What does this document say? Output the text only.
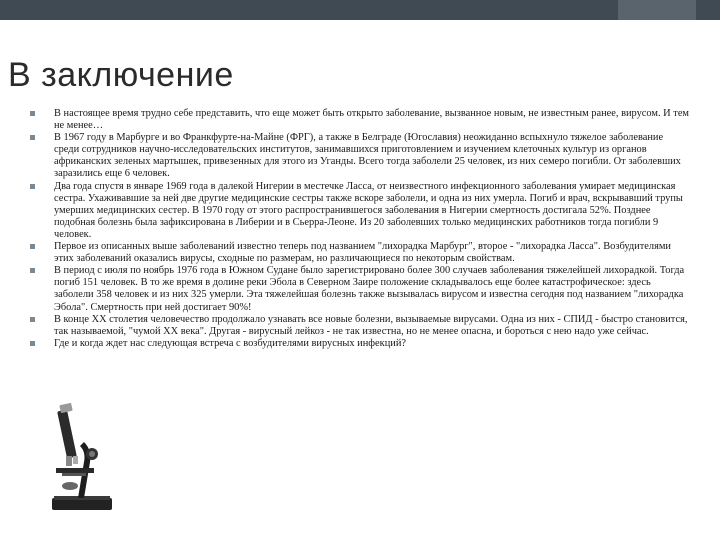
В заключение
В настоящее время трудно себе представить, что еще может быть открыто заболевание, вызванное новым, не известным ранее, вирусом. И тем не менее…
В 1967 году в Марбурге и во Франкфурте-на-Майне (ФРГ), а также в Белграде (Югославия) неожиданно вспыхнуло тяжелое заболевание среди сотрудников научно-исследовательских институтов, занимавшихся приготовлением и изучением клеточных культур из органов африканских зеленых мартышек, привезенных для этого из Уганды. Всего тогда заболели 25 человек, из них семеро погибли. От заболевших заразились еще 6 человек.
Два года спустя в январе 1969 года в далекой Нигерии в местечке Ласса, от неизвестного инфекционного заболевания умирает медицинская сестра. Ухаживавшие за ней две другие медицинские сестры также вскоре заболели, и одна из них умерла. Погиб и врач, вскрывавший трупы умерших медицинских сестер. В 1970 году от этого распространившегося заболевания в Нигерии смертность достигала 52%. Позднее подобная болезнь была зафиксирована в Либерии и в Сьерра-Леоне. Из 20 заболевших только медицинских работников тогда погибли 9 человек.
Первое из описанных выше заболеваний известно теперь под названием "лихорадка Марбург", второе - "лихорадка Ласса". Возбудителями этих заболеваний оказались вирусы, сходные по размерам, но различающиеся по некоторым свойствам.
В период с июля по ноябрь 1976 года в Южном Судане было зарегистрировано более 300 случаев заболевания тяжелейшей лихорадкой. Тогда погиб 151 человек. В то же время в долине реки Эбола в Северном Заире положение складывалось еще более катастрофическое: здесь заболели 358 человек и из них 325 умерли. Эта тяжелейшая болезнь также вызывалась вирусом и известна сегодня под названием "лихорадка Эбола". Смертность при ней достигает 90%!
В конце XX столетия человечество продолжало узнавать все новые болезни, вызываемые вирусами. Одна из них - СПИД - быстро становится, так называемой, "чумой XX века". Другая - вирусный лейкоз - не так известна, но не менее опасна, и бороться с нею надо уже сейчас.
Где и когда ждет нас следующая встреча с возбудителями вирусных инфекций?
